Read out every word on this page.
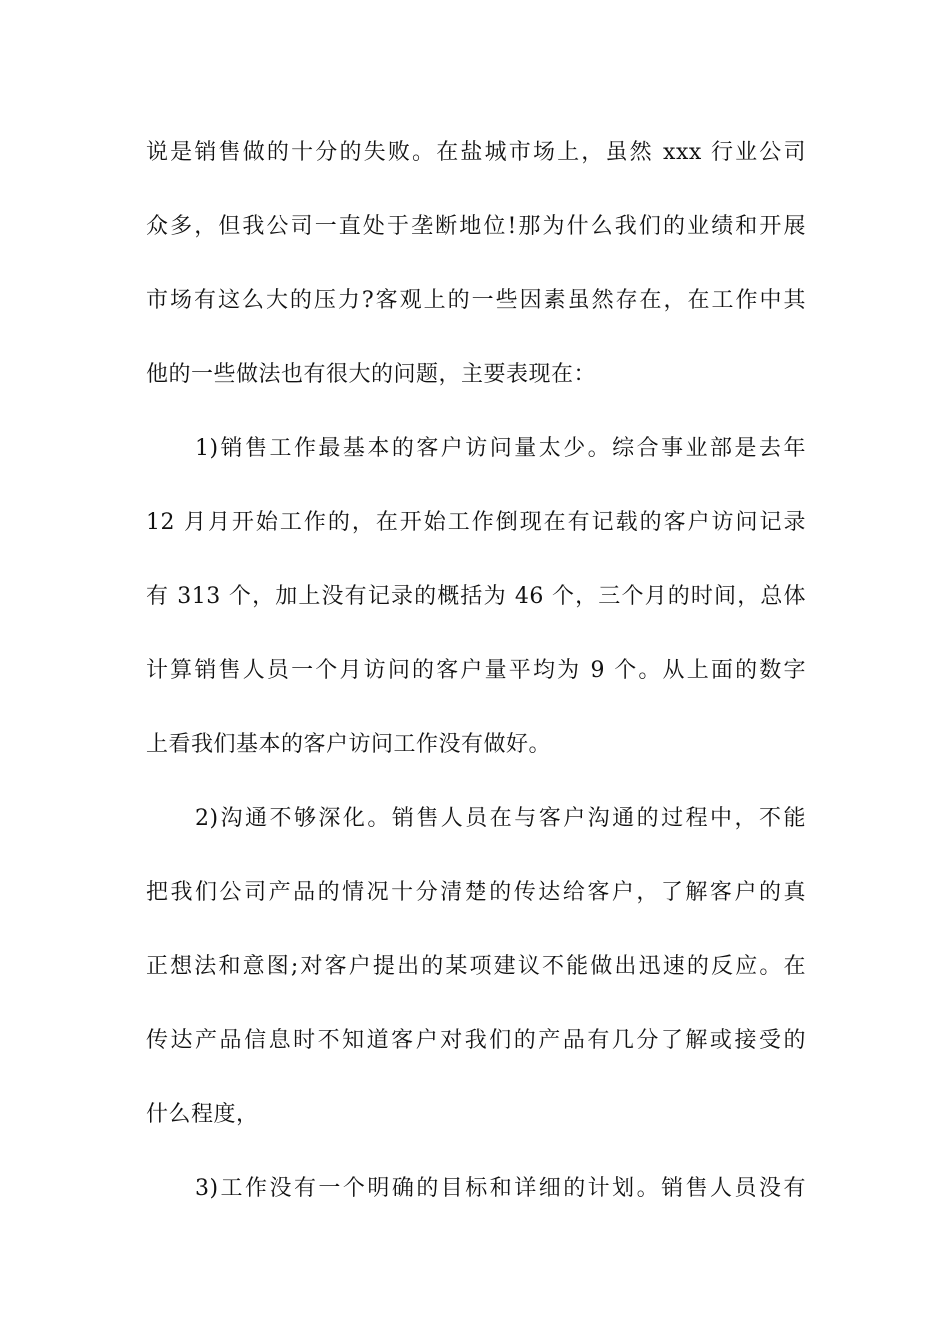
说是销售做的十分的失败。在盐城市场上，虽然 xxx 行业公司
众多，但我公司一直处于垄断地位!那为什么我们的业绩和开展
市场有这么大的压力?客观上的一些因素虽然存在，在工作中其
他的一些做法也有很大的问题，主要表现在：
　　1)销售工作最基本的客户访问量太少。综合事业部是去年
12 月月开始工作的，在开始工作倒现在有记载的客户访问记录
有 313 个，加上没有记录的概括为 46 个，三个月的时间，总体
计算销售人员一个月访问的客户量平均为 9 个。从上面的数字
上看我们基本的客户访问工作没有做好。
　　2)沟通不够深化。销售人员在与客户沟通的过程中，不能
把我们公司产品的情况十分清楚的传达给客户，了解客户的真
正想法和意图;对客户提出的某项建议不能做出迅速的反应。在
传达产品信息时不知道客户对我们的产品有几分了解或接受的
什么程度，
　　3)工作没有一个明确的目标和详细的计划。销售人员没有
